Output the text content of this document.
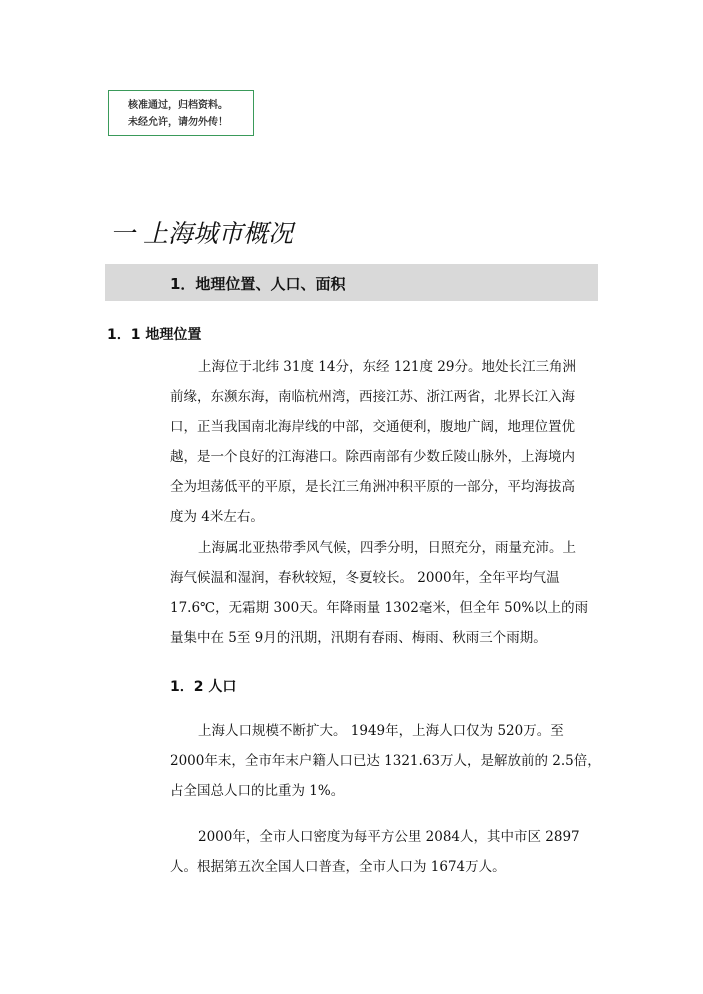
核准通过，归档资料。
未经允许，请勿外传！
一 上海城市概况
1．地理位置、人口、面积
1．1 地理位置
上海位于北纬 31度 14分，东经 121度 29分。地处长江三角洲
前缘，东濒东海，南临杭州湾，西接江苏、浙江两省，北界长江入海
口，正当我国南北海岸线的中部，交通便利，腹地广阔，地理位置优
越，是一个良好的江海港口。除西南部有少数丘陵山脉外，上海境内
全为坦荡低平的平原，是长江三角洲冲积平原的一部分，平均海拔高
度为 4米左右。
上海属北亚热带季风气候，四季分明，日照充分，雨量充沛。上
海气候温和湿润，春秋较短，冬夏较长。 2000年，全年平均气温
17.6℃，无霜期 300天。年降雨量 1302毫米，但全年 50%以上的雨
量集中在 5至 9月的汛期，汛期有春雨、梅雨、秋雨三个雨期。
1．2 人口
上海人口规模不断扩大。 1949年，上海人口仅为 520万。至
2000年末，全市年末户籍人口已达 1321.63万人，是解放前的 2.5倍，
占全国总人口的比重为 1%。
2000年，全市人口密度为每平方公里 2084人，其中市区 2897
人。根据第五次全国人口普查，全市人口为 1674万人。
